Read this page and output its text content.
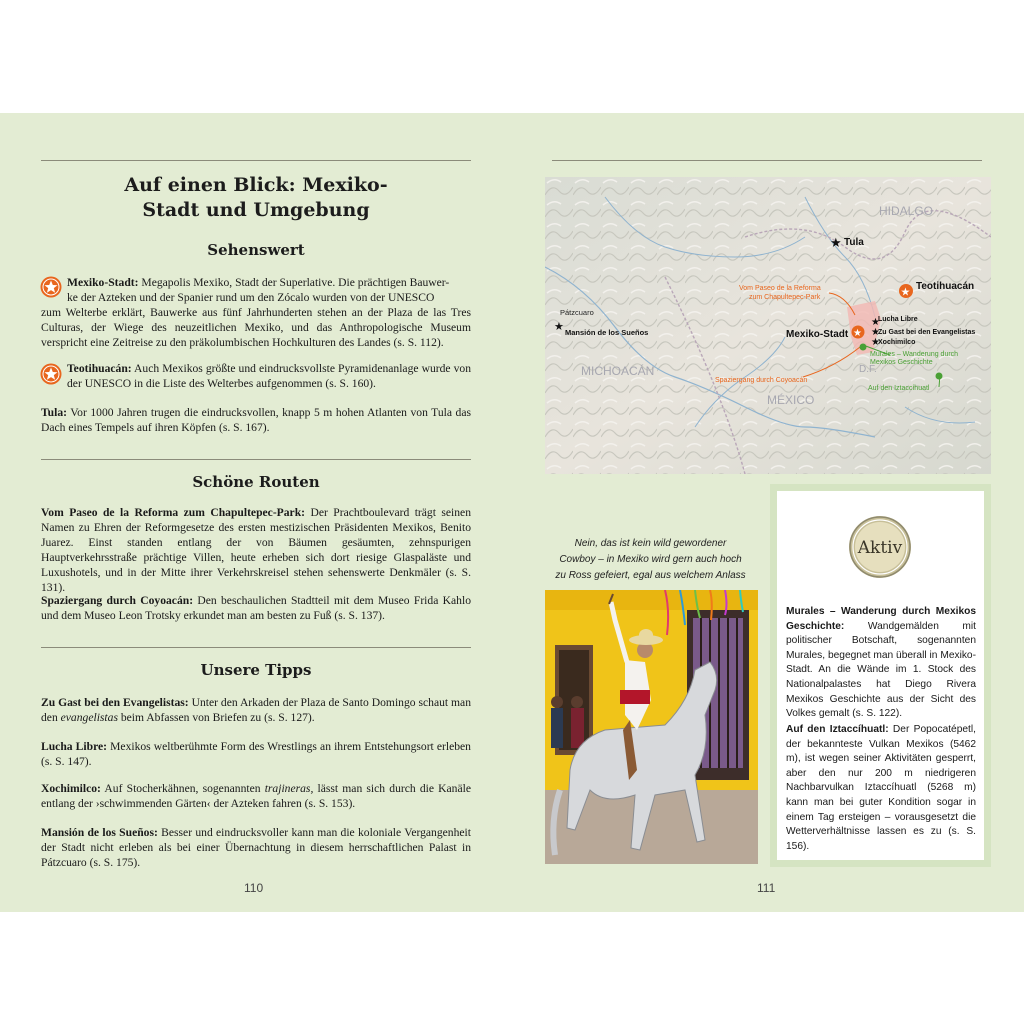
Auf einen Blick: Mexiko-
Stadt und Umgebung
Sehenswert
Mexiko-Stadt: Megapolis Mexiko, Stadt der Superlative. Die prächtigen Bauwer-
ke der Azteken und der Spanier rund um den Zócalo wurden von der UNESCO
zum Welterbe erklärt, Bauwerke aus fünf Jahrhunderten stehen an der Plaza de las Tres Culturas, der Wiege des neuzeitlichen Mexiko, und das Anthropologische Museum verspricht eine Zeitreise zu den präkolumbischen Hochkulturen des Landes (s. S. 112).
Teotihuacán: Auch Mexikos größte und eindrucksvollste Pyramidenanlage wurde von der UNESCO in die Liste des Welterbes aufgenommen (s. S. 160).
Tula: Vor 1000 Jahren trugen die eindrucksvollen, knapp 5 m hohen Atlanten von Tula das Dach eines Tempels auf ihren Köpfen (s. S. 167).
Schöne Routen
Vom Paseo de la Reforma zum Chapultepec-Park: Der Prachtboulevard trägt seinen Namen zu Ehren der Reformgesetze des ersten mestizischen Präsidenten Mexikos, Benito Juarez. Einst standen entlang der von Bäumen gesäumten, zehnspurigen Hauptverkehrsstraße prächtige Villen, heute erheben sich dort riesige Glaspaläste und Luxushotels, und in der Mitte ihrer Verkehrskreisel stehen sehenswerte Denkmäler (s. S. 131).
Spaziergang durch Coyoacán: Den beschaulichen Stadtteil mit dem Museo Frida Kahlo und dem Museo Leon Trotsky erkundet man am besten zu Fuß (s. S. 137).
Unsere Tipps
Zu Gast bei den Evangelistas: Unter den Arkaden der Plaza de Santo Domingo schaut man den evangelistas beim Abfassen von Briefen zu (s. S. 127).
Lucha Libre: Mexikos weltberühmte Form des Wrestlings an ihrem Entstehungsort erleben (s. S. 147).
Xochimilco: Auf Stocherkähnen, sogenannten trajineras, lässt man sich durch die Kanäle entlang der ›schwimmenden Gärten‹ der Azteken fahren (s. S. 153).
Mansión de los Sueños: Besser und eindrucksvoller kann man die koloniale Vergangenheit der Stadt nicht erleben als bei einer Übernachtung in diesem herrschaftlichen Palast in Pátzcuaro (s. S. 175).
110
HIDALGO
MICHOACÁN
MÉXICO
D.F.
★ Tula
★ Teotihuacán
Pátzcuaro
★ Mansión de los Sueños	Mexiko-Stadt ★
★
Lucha Libre
★
Zu Gast bei den Evangelistas
★
Xochimilco
Vom Paseo de la Reforma
zum Chapultepec-Park
Spaziergang durch Coyoacán
Murales – Wanderung durch
Mexikos Geschichte
Auf den Iztaccíhuatl
Nein, das ist kein wild gewordener
Cowboy – in Mexiko wird gern auch hoch
zu Ross gefeiert, egal aus welchem Anlass
Aktiv
Murales – Wanderung durch Mexikos Geschichte: Wandgemälden mit politischer Botschaft, sogenannten Murales, begegnet man überall in Mexiko-Stadt. An die Wände im 1. Stock des Nationalpalastes hat Diego Rivera Mexikos Geschichte aus der Sicht des Volkes gemalt (s. S. 122).
Auf den Iztaccíhuatl: Der Popocatépetl, der bekannteste Vulkan Mexikos (5462 m), ist wegen seiner Aktivitäten gesperrt, aber den nur 200 m niedrigeren Nachbarvulkan Iztaccíhuatl (5268 m) kann man bei guter Kondition sogar in einem Tag ersteigen – vorausgesetzt die Wetterverhältnisse lassen es zu (s. S. 156).
111
